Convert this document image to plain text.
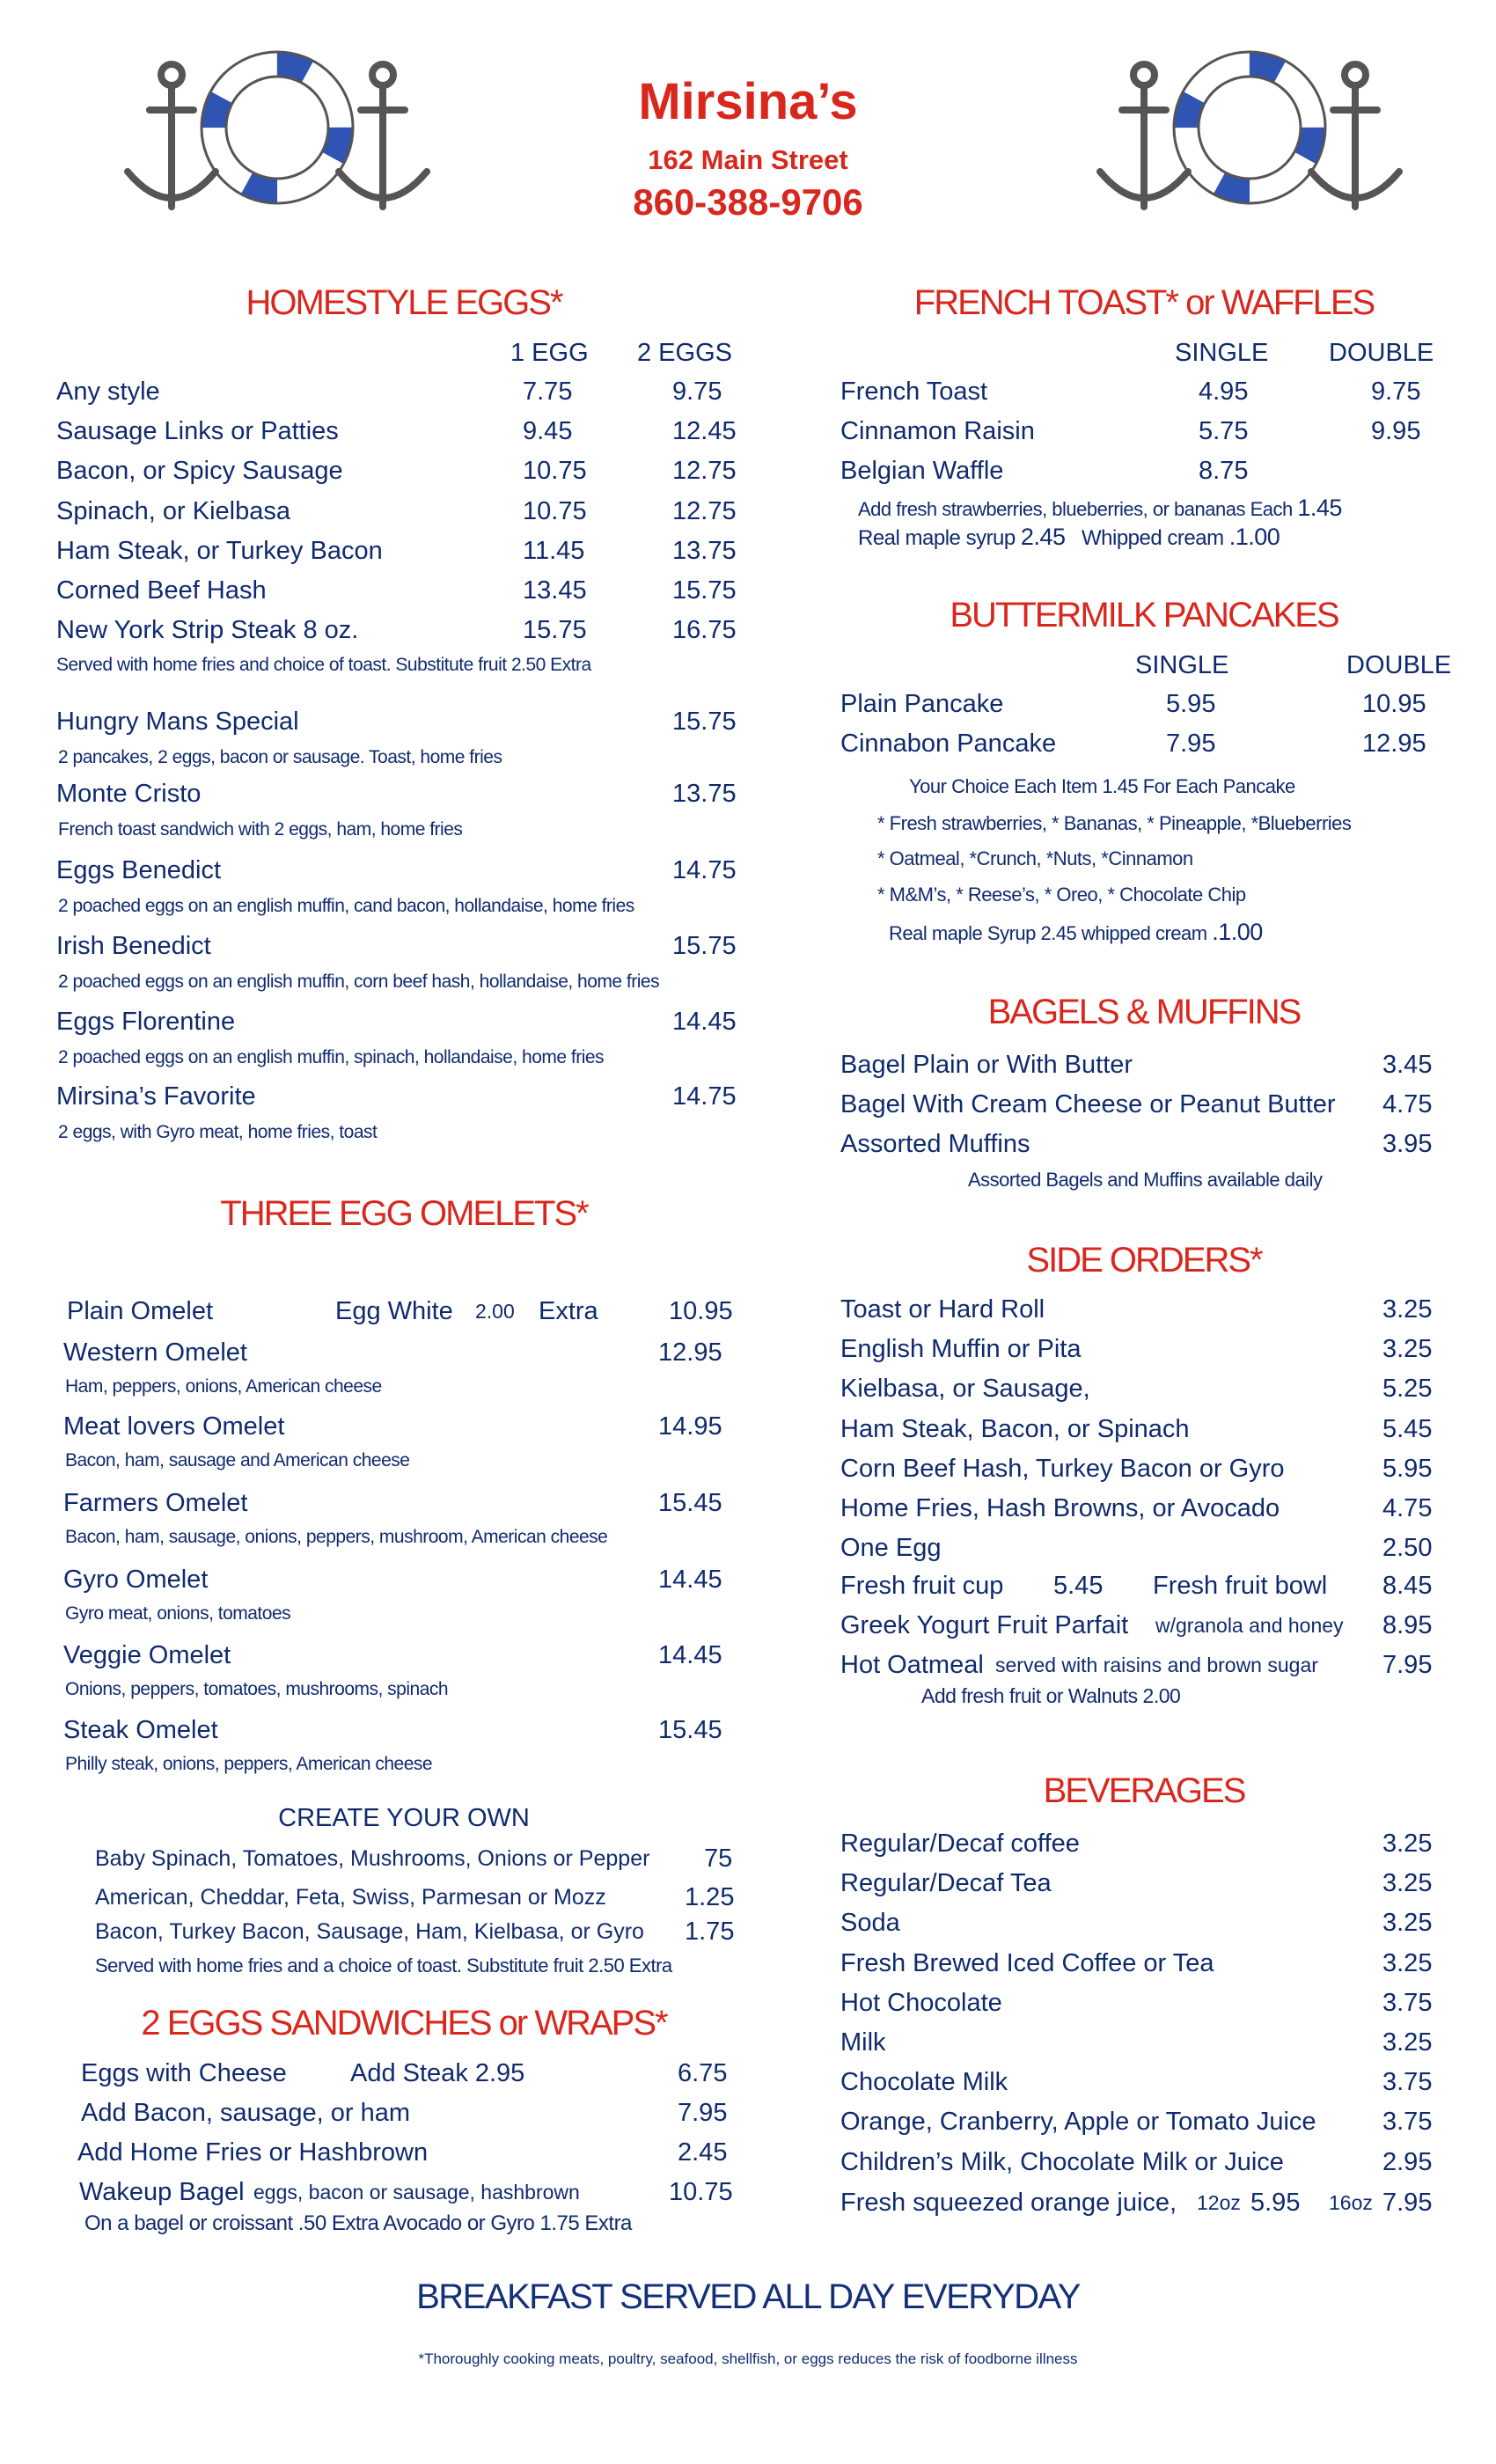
Mirsina’s
162 Main Street
860-388-9706
HOMESTYLE EGGS*
1 EGG 2 EGGS
Any style	7.75	9.75
Sausage Links or Patties	9.45	12.45
Bacon, or Spicy Sausage	10.75	12.75
Spinach, or Kielbasa	10.75	12.75
Ham Steak, or Turkey Bacon	11.45	13.75
Corned Beef Hash	13.45	15.75
New York Strip Steak 8 oz.	15.75	16.75
Served with home fries and choice of toast. Substitute fruit 2.50 Extra
Hungry Mans Special	15.75
2 pancakes, 2 eggs, bacon or sausage. Toast, home fries
Monte Cristo	13.75
French toast sandwich with 2 eggs, ham, home fries
Eggs Benedict	14.75
2 poached eggs on an english muffin, cand bacon, hollandaise, home fries
Irish Benedict	15.75
2 poached eggs on an english muffin, corn beef hash, hollandaise, home fries
Eggs Florentine	14.45
2 poached eggs on an english muffin, spinach, hollandaise, home fries
Mirsina’s Favorite	14.75
2 eggs, with Gyro meat, home fries, toast
THREE EGG OMELETS*
Plain Omelet	Egg White 2.00 Extra	10.95
Western Omelet	12.95
Ham, peppers, onions, American cheese
Meat lovers Omelet	14.95
Bacon, ham, sausage and American cheese
Farmers Omelet	15.45
Bacon, ham, sausage, onions, peppers, mushroom, American cheese
Gyro Omelet	14.45
Gyro meat, onions, tomatoes
Veggie Omelet	14.45
Onions, peppers, tomatoes, mushrooms, spinach
Steak Omelet	15.45
Philly steak, onions, peppers, American cheese
CREATE YOUR OWN
Baby Spinach, Tomatoes, Mushrooms, Onions or Pepper 75
American, Cheddar, Feta, Swiss, Parmesan or Mozz	1.25
Bacon, Turkey Bacon, Sausage, Ham, Kielbasa, or Gyro 1.75
Served with home fries and a choice of toast. Substitute fruit 2.50 Extra
2 EGGS SANDWICHES or WRAPS*
Eggs with Cheese Add Steak 2.95	6.75
Add Bacon, sausage, or ham	7.95
Add Home Fries or Hashbrown	2.45
Wakeup Bagel eggs, bacon or sausage, hashbrown	10.75
On a bagel or croissant .50 Extra Avocado or Gyro 1.75 Extra
FRENCH TOAST* or WAFFLES
SINGLE DOUBLE
French Toast	4.95	9.75
Cinnamon Raisin	5.75	9.95
Belgian Waffle	8.75
Add fresh strawberries, blueberries, or bananas Each 1.45
Real maple syrup 2.45 Whipped cream .1.00
BUTTERMILK PANCAKES
SINGLE	DOUBLE
Plain Pancake	5.95	10.95
Cinnabon Pancake	7.95	12.95
Your Choice Each Item 1.45 For Each Pancake
* Fresh strawberries, * Bananas, * Pineapple, *Blueberries
* Oatmeal, *Crunch, *Nuts, *Cinnamon
* M&M’s, * Reese’s, * Oreo, * Chocolate Chip
Real maple Syrup 2.45 whipped cream .1.00
BAGELS & MUFFINS
Bagel Plain or With Butter	3.45
Bagel With Cream Cheese or Peanut Butter 4.75
Assorted Muffins	3.95
Assorted Bagels and Muffins available daily
SIDE ORDERS*
Toast or Hard Roll	3.25
English Muffin or Pita	3.25
Kielbasa, or Sausage,	5.25
Ham Steak, Bacon, or Spinach	5.45
Corn Beef Hash, Turkey Bacon or Gyro	5.95
Home Fries, Hash Browns, or Avocado	4.75
One Egg	2.50
Fresh fruit cup 5.45 Fresh fruit bowl 8.45
Greek Yogurt Fruit Parfait w/granola and honey 8.95
Hot Oatmeal served with raisins and brown sugar	7.95
Add fresh fruit or Walnuts 2.00
BEVERAGES
Regular/Decaf coffee	3.25
Regular/Decaf Tea	3.25
Soda	3.25
Fresh Brewed Iced Coffee or Tea	3.25
Hot Chocolate	3.75
Milk	3.25
Chocolate Milk	3.75
Orange, Cranberry, Apple or Tomato Juice	3.75
Children’s Milk, Chocolate Milk or Juice	2.95
Fresh squeezed orange juice, 12oz 5.95 16oz 7.95
BREAKFAST SERVED ALL DAY EVERYDAY
*Thoroughly cooking meats, poultry, seafood, shellfish, or eggs reduces the risk of foodborne illness
